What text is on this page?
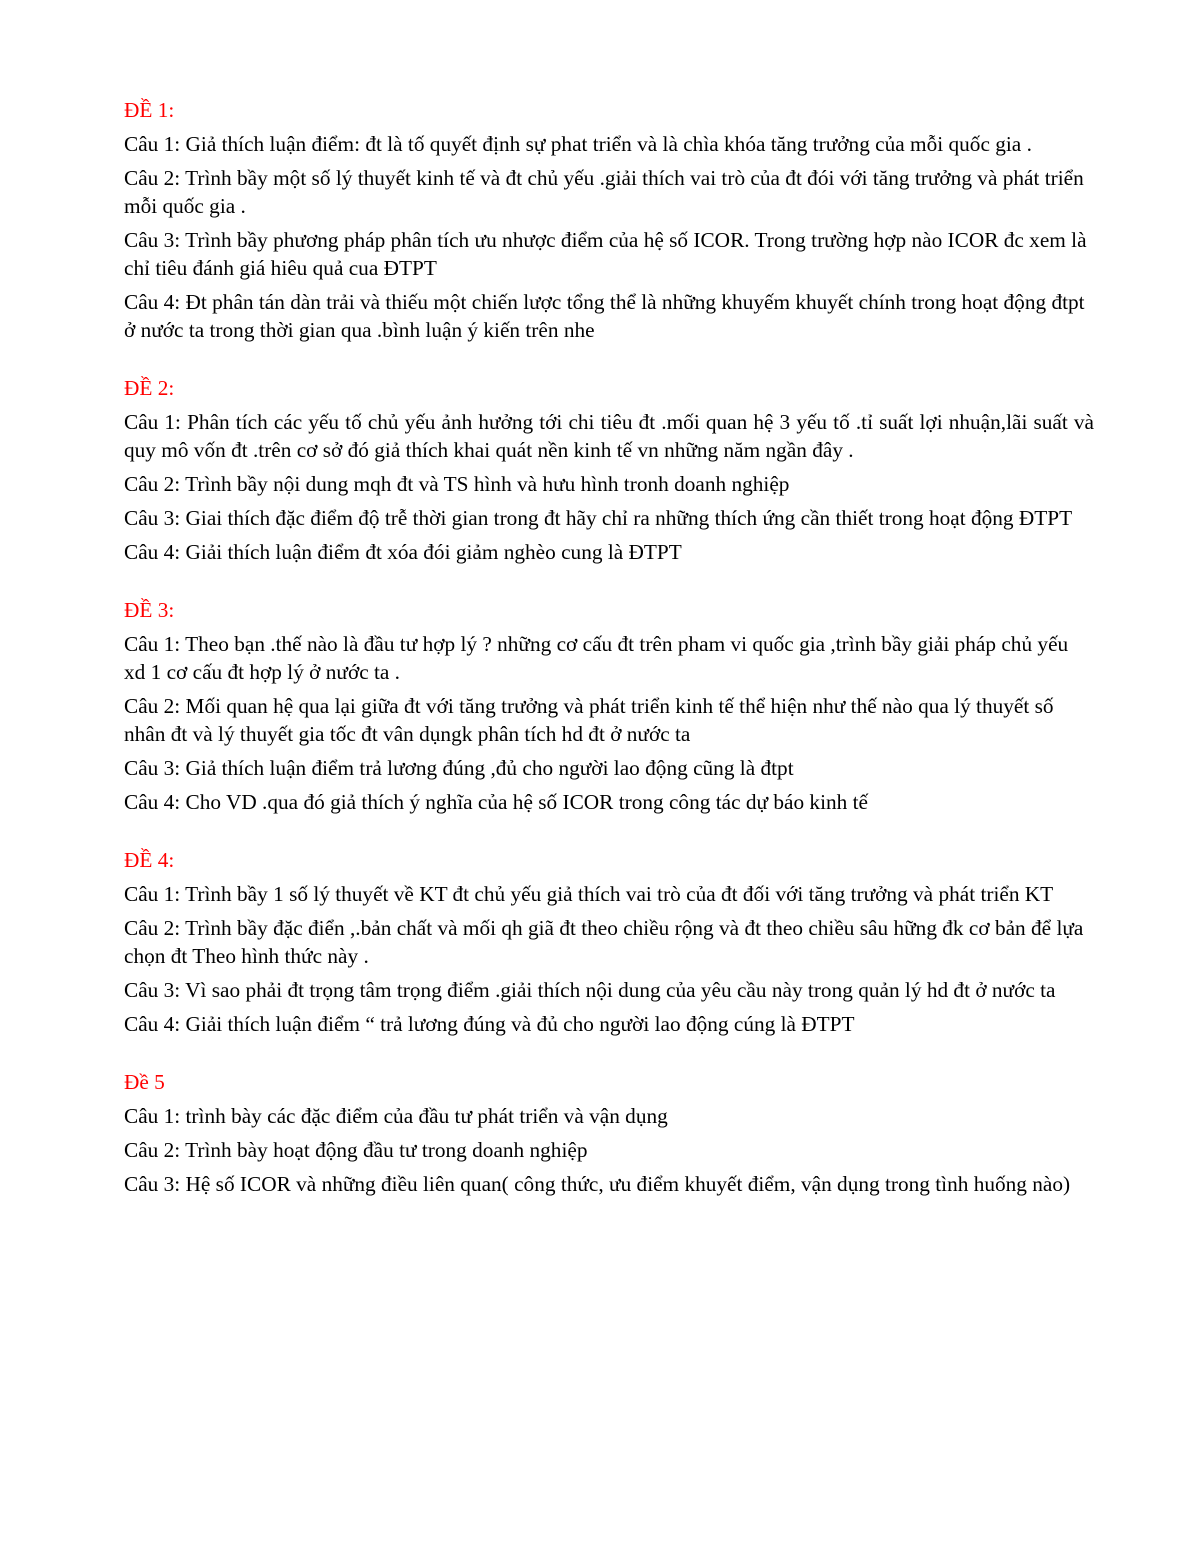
ĐỀ 1:

Câu 1: Giả thích luận điểm: đt là tố quyết định sự phat triển và là chìa khóa tăng trưởng của mỗi quốc gia .

Câu 2: Trình bầy một số lý thuyết kinh tế và đt chủ yếu .giải thích vai trò của đt đói với tăng trưởng và phát triển mỗi quốc gia .

Câu 3: Trình bầy phương pháp phân tích ưu nhược điểm của hệ số ICOR. Trong trường hợp nào ICOR đc xem là chỉ tiêu đánh giá hiêu quả cua ĐTPT

Câu 4: Đt phân tán dàn trải và thiếu một chiến lược tổng thể là những khuyếm khuyết chính trong hoạt động đtpt ở nước ta trong thời gian qua .bình luận ý kiến trên nhe

ĐỀ 2:

Câu 1: Phân tích các yếu tố chủ yếu ảnh hưởng tới chi tiêu đt .mối quan hệ 3 yếu tố .tỉ suất lợi nhuận,lãi suất và quy mô vốn đt .trên cơ sở đó giả thích khai quát nền kinh tế vn những năm ngần đây .

Câu 2: Trình bầy nội dung mqh đt và TS hình và hưu hình tronh doanh nghiệp

Câu 3: Giai thích đặc điểm độ trễ thời gian trong đt hãy chỉ ra những thích ứng cần thiết trong hoạt động ĐTPT

Câu 4: Giải thích luận điểm đt xóa đói giảm nghèo cung là ĐTPT

ĐỀ 3:

Câu 1: Theo bạn .thế nào là đầu tư hợp lý ? những cơ cấu đt trên pham vi quốc gia ,trình bầy giải pháp chủ yếu xd 1 cơ cấu đt hợp lý ở nước ta .

Câu 2: Mối quan hệ qua lại giữa đt với tăng trưởng và phát triển kinh tế thể hiện như thế nào qua lý thuyết số nhân đt và lý thuyết gia tốc đt vân dụngk phân tích hd đt ở nước ta

Câu 3: Giả thích luận điểm trả lương đúng ,đủ cho người lao động cũng là đtpt

Câu 4: Cho VD .qua đó giả thích ý nghĩa của hệ số ICOR trong công tác dự báo kinh tế

ĐỀ 4:

Câu 1: Trình bầy 1 số lý thuyết về KT đt chủ yếu giả thích vai trò của đt đối với tăng trưởng và phát triển KT

Câu 2: Trình bầy đặc điển ,.bản chất và mối qh giã đt theo chiều rộng và đt theo chiều sâu hững đk cơ bản để lựa chọn đt Theo hình thức này .

Câu 3: Vì sao phải đt trọng tâm trọng điểm .giải thích nội dung của yêu cầu này trong quản lý hd đt ở nước ta

Câu 4: Giải thích luận điểm “ trả lương đúng và đủ cho người lao động cúng là ĐTPT

Đề 5

Câu 1: trình bày các đặc điểm của đầu tư phát triển và vận dụng

Câu 2: Trình bày hoạt động đầu tư trong doanh nghiệp

Câu 3: Hệ số ICOR và những điều liên quan( công thức, ưu điểm khuyết điểm, vận dụng trong tình huống nào)
